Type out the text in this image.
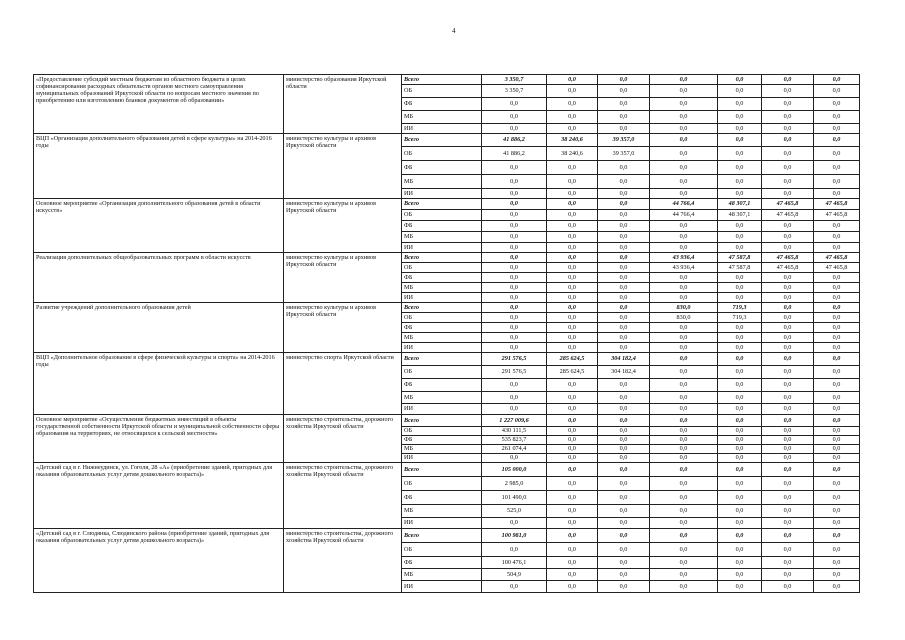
4
«Предоставление субсидий местным бюджетам из областного бюджета в целях софинансирования расходных обязательств органов местного самоуправления муниципальных образований Иркутской области по вопросам местного значения по приобретению или изготовлению бланков документов об образовании»	министерство образования Иркутской области	Всего	3 350,7	0,0	0,0	0,0	0,0	0,0	0,0
		ОБ	3 350,7	0,0	0,0	0,0	0,0	0,0	0,0
		ФБ	0,0	0,0	0,0	0,0	0,0	0,0	0,0
		МБ	0,0	0,0	0,0	0,0	0,0	0,0	0,0
		ИИ	0,0	0,0	0,0	0,0	0,0	0,0	0,0
ВЦП «Организация дополнительного образования детей в сфере культуры» на 2014-2016 годы	министерство культуры и архивов Иркутской области	Всего	41 886,2	38 240,6	39 357,0	0,0	0,0	0,0	0,0
		ОБ	41 886,2	38 240,6	39 357,0	0,0	0,0	0,0	0,0
		ФБ	0,0	0,0	0,0	0,0	0,0	0,0	0,0
		МБ	0,0	0,0	0,0	0,0	0,0	0,0	0,0
		ИИ	0,0	0,0	0,0	0,0	0,0	0,0	0,0
Основное мероприятие «Организация дополнительного образования детей в области искусств»	министерство культуры и архивов Иркутской области	Всего	0,0	0,0	0,0	44 766,4	48 307,1	47 465,8	47 465,8
		ОБ	0,0	0,0	0,0	44 766,4	48 307,1	47 465,8	47 465,8
		ФБ	0,0	0,0	0,0	0,0	0,0	0,0	0,0
		МБ	0,0	0,0	0,0	0,0	0,0	0,0	0,0
		ИИ	0,0	0,0	0,0	0,0	0,0	0,0	0,0
Реализация дополнительных общеобразовательных программ в области искусств	министерство культуры и архивов Иркутской области	Всего	0,0	0,0	0,0	43 936,4	47 587,8	47 465,8	47 465,8
		ОБ	0,0	0,0	0,0	43 936,4	47 587,8	47 465,8	47 465,8
		ФБ	0,0	0,0	0,0	0,0	0,0	0,0	0,0
		МБ	0,0	0,0	0,0	0,0	0,0	0,0	0,0
		ИИ	0,0	0,0	0,0	0,0	0,0	0,0	0,0
Развитие учреждений дополнительного образования детей	министерство культуры и архивов Иркутской области	Всего	0,0	0,0	0,0	830,0	719,3	0,0	0,0
		ОБ	0,0	0,0	0,0	830,0	719,3	0,0	0,0
		ФБ	0,0	0,0	0,0	0,0	0,0	0,0	0,0
		МБ	0,0	0,0	0,0	0,0	0,0	0,0	0,0
		ИИ	0,0	0,0	0,0	0,0	0,0	0,0	0,0
ВЦП «Дополнительное образование в сфере физической культуры и спорта» на 2014-2016 годы	министерство спорта Иркутской области	Всего	291 576,5	285 624,5	304 182,4	0,0	0,0	0,0	0,0
		ОБ	291 576,5	285 624,5	304 182,4	0,0	0,0	0,0	0,0
		ФБ	0,0	0,0	0,0	0,0	0,0	0,0	0,0
		МБ	0,0	0,0	0,0	0,0	0,0	0,0	0,0
		ИИ	0,0	0,0	0,0	0,0	0,0	0,0	0,0
Основное мероприятие «Осуществление бюджетных инвестиций в объекты государственной собственности Иркутской области и муниципальной собственности сферы образования на территориях, не относящихся к сельской местности»	министерство строительства, дорожного хозяйства Иркутской области	Всего	1 227 009,6	0,0	0,0	0,0	0,0	0,0	0,0
		ОБ	430 111,5	0,0	0,0	0,0	0,0	0,0	0,0
		ФБ	535 823,7	0,0	0,0	0,0	0,0	0,0	0,0
		МБ	261 074,4	0,0	0,0	0,0	0,0	0,0	0,0
		ИИ	0,0	0,0	0,0	0,0	0,0	0,0	0,0
«Детский сад в г. Нижнеудинск, ул. Гоголя, 28 «А» (приобретение зданий, пригодных для оказания образовательных услуг детям дошкольного возраста)»	министерство строительства, дорожного хозяйства Иркутской области	Всего	105 000,0	0,0	0,0	0,0	0,0	0,0	0,0
		ОБ	2 985,0	0,0	0,0	0,0	0,0	0,0	0,0
		ФБ	101 490,0	0,0	0,0	0,0	0,0	0,0	0,0
		МБ	525,0	0,0	0,0	0,0	0,0	0,0	0,0
		ИИ	0,0	0,0	0,0	0,0	0,0	0,0	0,0
«Детский сад в г. Слюдянка, Слюдянского района (приобретение зданий, пригодных для оказания образовательных услуг детям дошкольного возраста)»	министерство строительства, дорожного хозяйства Иркутской области	Всего	100 981,0	0,0	0,0	0,0	0,0	0,0	0,0
		ОБ	0,0	0,0	0,0	0,0	0,0	0,0	0,0
		ФБ	100 476,1	0,0	0,0	0,0	0,0	0,0	0,0
		МБ	504,9	0,0	0,0	0,0	0,0	0,0	0,0
		ИИ	0,0	0,0	0,0	0,0	0,0	0,0	0,0
